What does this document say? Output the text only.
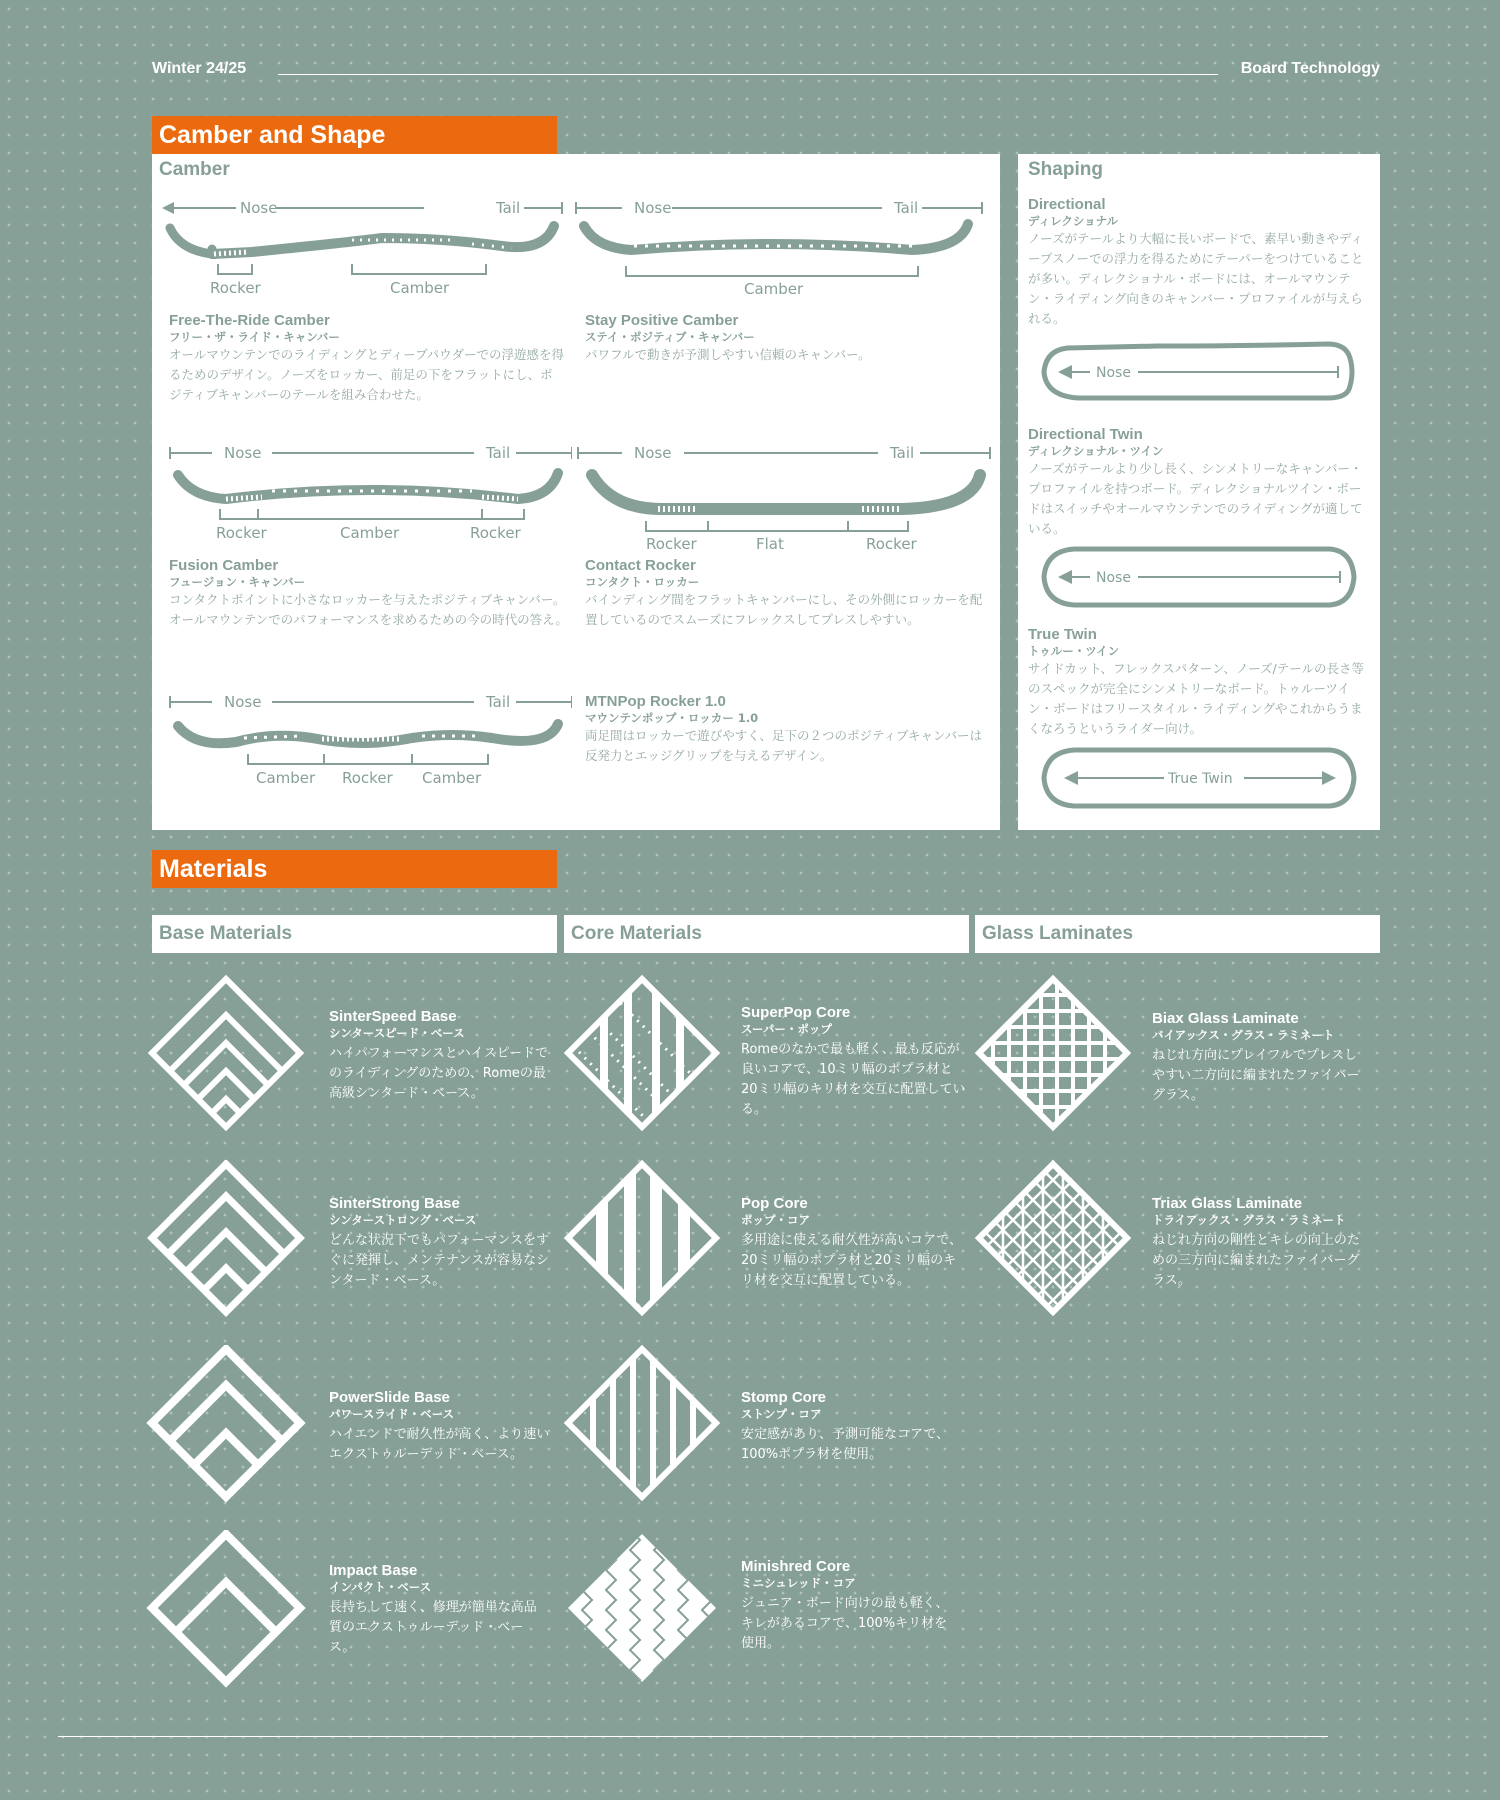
Winter 24/25	Board Technology
Camber and Shape
Camber
Nose	Tail
Rocker	Camber
Free-The-Ride Camber
フリー・ザ・ライド・キャンバー
オールマウンテンでのライディングとディープパウダーでの浮遊感を得るためのデザイン。ノーズをロッカー、前足の下をフラットにし、ポジティブキャンバーのテールを組み合わせた。
Nose	Tail
Camber
Stay Positive Camber
ステイ・ポジティブ・キャンバー
パワフルで動きが予測しやすい信頼のキャンバー。
Nose	Tail
Rocker	Camber	Rocker
Fusion Camber
フュージョン・キャンバー
コンタクトポイントに小さなロッカーを与えたポジティブキャンバー。オールマウンテンでのパフォーマンスを求めるための今の時代の答え。
Nose	Tail
Rocker	Flat	Rocker
Contact Rocker
コンタクト・ロッカー
バインディング間をフラットキャンバーにし、その外側にロッカーを配置しているのでスムーズにフレックスしてプレスしやすい。
Nose	Tail
Camber Rocker Camber
MTNPop Rocker 1.0
マウンテンポップ・ロッカー 1.0
両足間はロッカーで遊びやすく、足下の２つのポジティブキャンバーは反発力とエッジグリップを与えるデザイン。
Shaping
Directional
ディレクショナル
ノーズがテールより大幅に長いボードで、素早い動きやディープスノーでの浮力を得るためにテーパーをつけていることが多い。ディレクショナル・ボードには、オールマウンテン・ライディング向きのキャンバー・プロファイルが与えられる。
Nose
Directional Twin
ディレクショナル・ツイン
ノーズがテールより少し長く、シンメトリーなキャンバー・プロファイルを持つボード。ディレクショナルツイン・ボードはスイッチやオールマウンテンでのライディングが適している。
Nose
True Twin
トゥルー・ツイン
サイドカット、フレックスパターン、ノーズ/テールの長さ等のスペックが完全にシンメトリーなボード。トゥルーツイン・ボードはフリースタイル・ライディングやこれからうまくなろうというライダー向け。
True Twin
Materials
Base Materials	Core Materials	Glass Laminates
SinterSpeed Base
シンタースピード・ベース
ハイパフォーマンスとハイスピードでのライディングのための、Romeの最高級シンタード・ベース。
SinterStrong Base
シンターストロング・ベース
どんな状況下でもパフォーマンスをすぐに発揮し、メンテナンスが容易なシンタード・ベース。
PowerSlide Base
パワースライド・ベース
ハイエンドで耐久性が高く、より速いエクストゥルーデッド・ベース。
Impact Base
インパクト・ベース
長持ちして速く、修理が簡単な高品質のエクストゥルーデッド・ベース。
SuperPop Core
スーパー・ポップ
Romeのなかで最も軽く、最も反応が良いコアで、10ミリ幅のポプラ材と20ミリ幅のキリ材を交互に配置している。
Pop Core
ポップ・コア
多用途に使える耐久性が高いコアで、20ミリ幅のポプラ材と20ミリ幅のキリ材を交互に配置している。
Stomp Core
ストンプ・コア
安定感があり、予測可能なコアで、100%ポプラ材を使用。
Minishred Core
ミニシュレッド・コア
ジュニア・ボード向けの最も軽く、キレがあるコアで、100%キリ材を使用。
Biax Glass Laminate
バイアックス・グラス・ラミネート
ねじれ方向にプレイフルでプレスしやすい二方向に編まれたファイバーグラス。
Triax Glass Laminate
トライアックス・グラス・ラミネート
ねじれ方向の剛性とキレの向上のための三方向に編まれたファイバーグラス。
